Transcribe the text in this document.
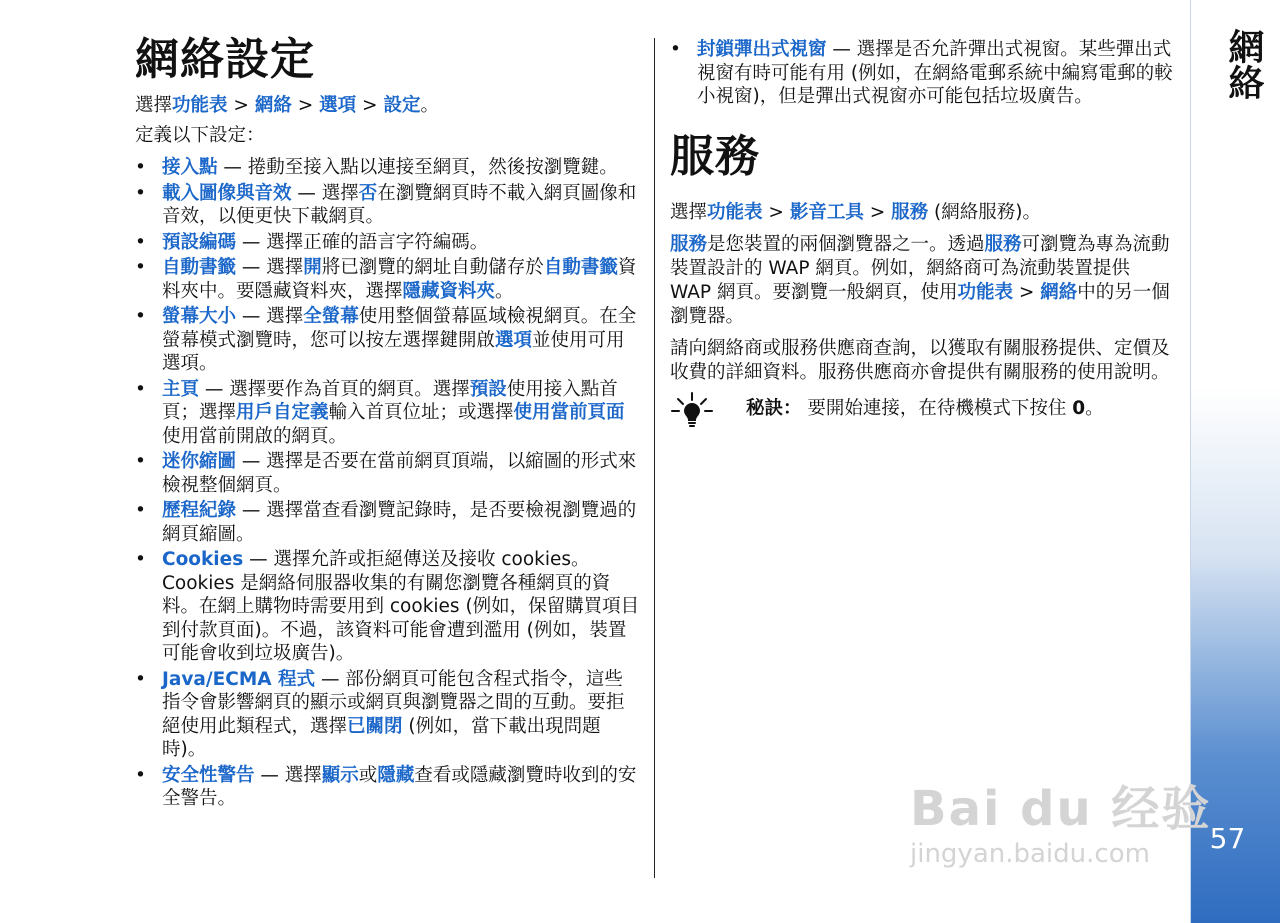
網絡設定

選擇功能表 > 網絡 > 選項 > 設定。

定義以下設定：

• 接入點 — 捲動至接入點以連接至網頁，然後按瀏覽鍵。
• 載入圖像與音效 — 選擇否在瀏覽網頁時不載入網頁圖像和音效，以便更快下載網頁。
• 預設編碼 — 選擇正確的語言字符編碼。
• 自動書籤 — 選擇開將已瀏覽的網址自動儲存於自動書籤資料夾中。要隱藏資料夾，選擇隱藏資料夾。
• 螢幕大小 — 選擇全螢幕使用整個螢幕區域檢視網頁。在全螢幕模式瀏覽時，您可以按左選擇鍵開啟選項並使用可用選項。
• 主頁 — 選擇要作為首頁的網頁。選擇預設使用接入點首頁；選擇用戶自定義輸入首頁位址；或選擇使用當前頁面使用當前開啟的網頁。
• 迷你縮圖 — 選擇是否要在當前網頁頂端，以縮圖的形式來檢視整個網頁。
• 歷程紀錄 — 選擇當查看瀏覽記錄時，是否要檢視瀏覽過的網頁縮圖。
• Cookies — 選擇允許或拒絕傳送及接收 cookies。Cookies 是網絡伺服器收集的有關您瀏覽各種網頁的資料。在網上購物時需要用到 cookies (例如，保留購買項目到付款頁面)。不過，該資料可能會遭到濫用 (例如，裝置可能會收到垃圾廣告)。
• Java/ECMA 程式 — 部份網頁可能包含程式指令，這些指令會影響網頁的顯示或網頁與瀏覽器之間的互動。要拒絕使用此類程式，選擇已關閉 (例如，當下載出現問題時)。
• 安全性警告 — 選擇顯示或隱藏查看或隱藏瀏覽時收到的安全警告。
• 封鎖彈出式視窗 — 選擇是否允許彈出式視窗。某些彈出式視窗有時可能有用 (例如，在網絡電郵系統中編寫電郵的較小視窗)，但是彈出式視窗亦可能包括垃圾廣告。
服務

選擇功能表 > 影音工具 > 服務 (網絡服務)。

服務是您裝置的兩個瀏覽器之一。透過服務可瀏覽為專為流動裝置設計的 WAP 網頁。例如，網絡商可為流動裝置提供 WAP 網頁。要瀏覽一般網頁，使用功能表 > 網絡中的另一個瀏覽器。

請向網絡商或服務供應商查詢，以獲取有關服務提供、定價及收費的詳細資料。服務供應商亦會提供有關服務的使用說明。

秘訣： 要開始連接，在待機模式下按住 0。

網絡
57
Bai du 经验
jingyan.baidu.com
